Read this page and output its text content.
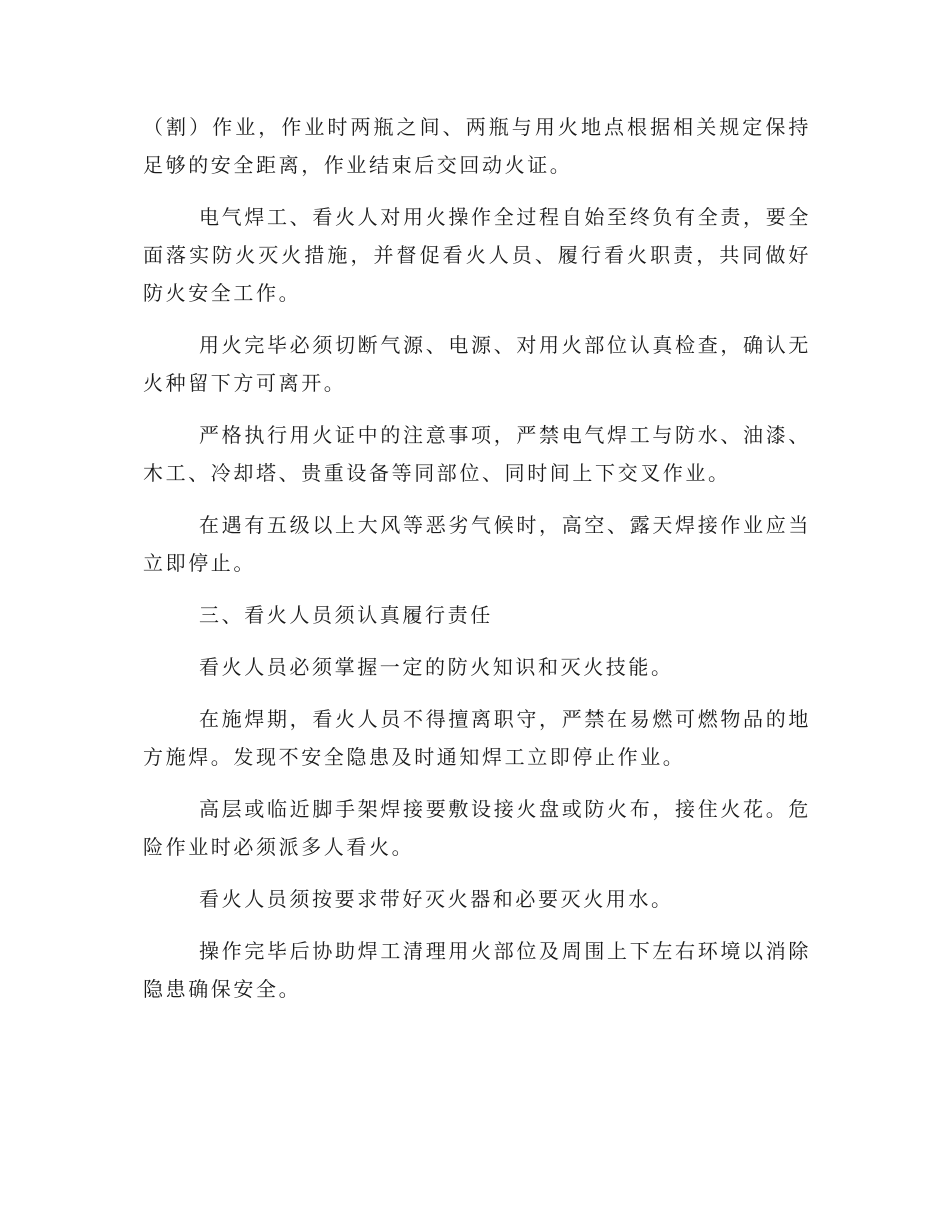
（割）作业，作业时两瓶之间、两瓶与用火地点根据相关规定保持足够的安全距离，作业结束后交回动火证。

电气焊工、看火人对用火操作全过程自始至终负有全责，要全面落实防火灭火措施，并督促看火人员、履行看火职责，共同做好防火安全工作。

用火完毕必须切断气源、电源、对用火部位认真检查，确认无火种留下方可离开。

严格执行用火证中的注意事项，严禁电气焊工与防水、油漆、木工、冷却塔、贵重设备等同部位、同时间上下交叉作业。

在遇有五级以上大风等恶劣气候时，高空、露天焊接作业应当立即停止。

三、看火人员须认真履行责任

看火人员必须掌握一定的防火知识和灭火技能。

在施焊期，看火人员不得擅离职守，严禁在易燃可燃物品的地方施焊。发现不安全隐患及时通知焊工立即停止作业。

高层或临近脚手架焊接要敷设接火盘或防火布，接住火花。危险作业时必须派多人看火。

看火人员须按要求带好灭火器和必要灭火用水。

操作完毕后协助焊工清理用火部位及周围上下左右环境以消除隐患确保安全。
